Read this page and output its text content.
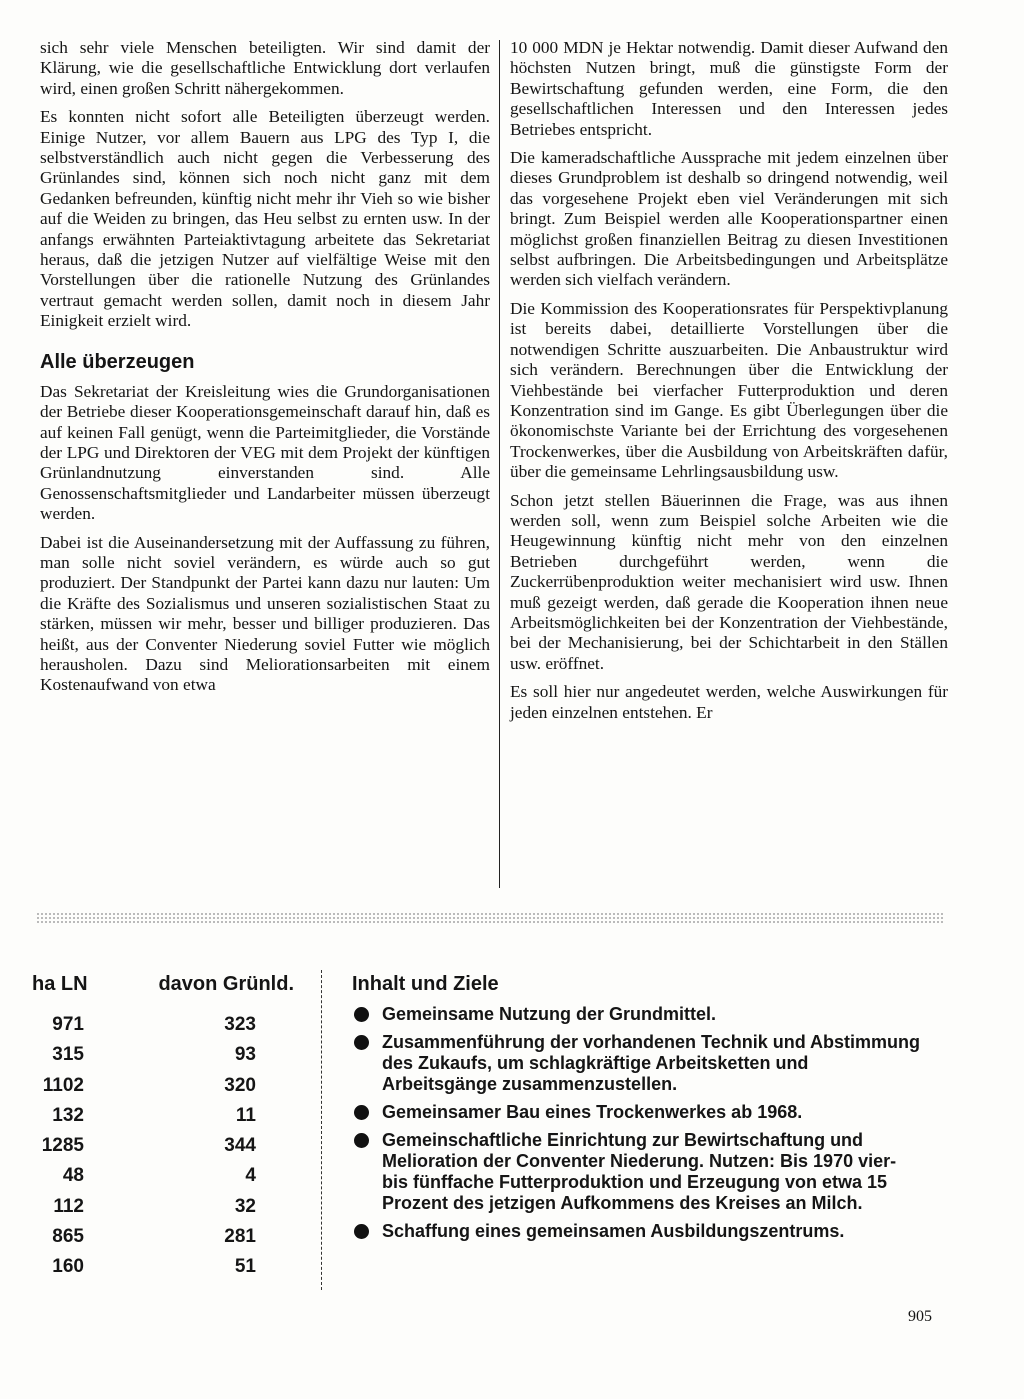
sich sehr viele Menschen beteiligten. Wir sind damit der Klärung, wie die gesellschaftliche Entwicklung dort verlaufen wird, einen großen Schritt nähergekommen.

Es konnten nicht sofort alle Beteiligten überzeugt werden. Einige Nutzer, vor allem Bauern aus LPG des Typ I, die selbstverständlich auch nicht gegen die Verbesserung des Grünlandes sind, können sich noch nicht ganz mit dem Gedanken befreunden, künftig nicht mehr ihr Vieh so wie bisher auf die Weiden zu bringen, das Heu selbst zu ernten usw. In der anfangs erwähnten Parteiaktivtagung arbeitete das Sekretariat heraus, daß die jetzigen Nutzer auf vielfältige Weise mit den Vorstellungen über die rationelle Nutzung des Grünlandes vertraut gemacht werden sollen, damit noch in diesem Jahr Einigkeit erzielt wird.

Alle überzeugen

Das Sekretariat der Kreisleitung wies die Grundorganisationen der Betriebe dieser Kooperationsgemeinschaft darauf hin, daß es auf keinen Fall genügt, wenn die Parteimitglieder, die Vorstände der LPG und Direktoren der VEG mit dem Projekt der künftigen Grünlandnutzung einverstanden sind. Alle Genossenschaftsmitglieder und Landarbeiter müssen überzeugt werden.

Dabei ist die Auseinandersetzung mit der Auffassung zu führen, man solle nicht soviel verändern, es würde auch so gut produziert. Der Standpunkt der Partei kann dazu nur lauten: Um die Kräfte des Sozialismus und unseren sozialistischen Staat zu stärken, müssen wir mehr, besser und billiger produzieren. Das heißt, aus der Conventer Niederung soviel Futter wie möglich herausholen. Dazu sind Meliorationsarbeiten mit einem Kostenaufwand von etwa

10 000 MDN je Hektar notwendig. Damit dieser Aufwand den höchsten Nutzen bringt, muß die günstigste Form der Bewirtschaftung gefunden werden, eine Form, die den gesellschaftlichen Interessen und den Interessen jedes Betriebes entspricht.

Die kameradschaftliche Aussprache mit jedem einzelnen über dieses Grundproblem ist deshalb so dringend notwendig, weil das vorgesehene Projekt eben viel Veränderungen mit sich bringt. Zum Beispiel werden alle Kooperationspartner einen möglichst großen finanziellen Beitrag zu diesen Investitionen selbst aufbringen. Die Arbeitsbedingungen und Arbeitsplätze werden sich vielfach verändern.

Die Kommission des Kooperationsrates für Perspektivplanung ist bereits dabei, detaillierte Vorstellungen über die notwendigen Schritte auszuarbeiten. Die Anbaustruktur wird sich verändern. Berechnungen über die Entwicklung der Viehbestände bei vierfacher Futterproduktion und deren Konzentration sind im Gange. Es gibt Überlegungen über die ökonomischste Variante bei der Errichtung des vorgesehenen Trockenwerkes, über die Ausbildung von Arbeitskräften dafür, über die gemeinsame Lehrlingsausbildung usw.

Schon jetzt stellen Bäuerinnen die Frage, was aus ihnen werden soll, wenn zum Beispiel solche Arbeiten wie die Heugewinnung künftig nicht mehr von den einzelnen Betrieben durchgeführt werden, wenn die Zuckerrübenproduktion weiter mechanisiert wird usw. Ihnen muß gezeigt werden, daß gerade die Kooperation ihnen neue Arbeitsmöglichkeiten bei der Konzentration der Viehbestände, bei der Mechanisierung, bei der Schichtarbeit in den Ställen usw. eröffnet.

Es soll hier nur angedeutet werden, welche Auswirkungen für jeden einzelnen entstehen. Er

ha LN	davon Grünld.
971	323
315	93
1102	320
132	11
1285	344
48	4
112	32
865	281
160	51
Inhalt und Ziele
Gemeinsame Nutzung der Grundmittel.
Zusammenführung der vorhandenen Technik und Abstimmung des Zukaufs, um schlagkräftige Arbeitsketten und Arbeitsgänge zusammenzustellen.
Gemeinsamer Bau eines Trockenwerkes ab 1968.
Gemeinschaftliche Einrichtung zur Bewirtschaftung und Melioration der Conventer Niederung. Nutzen: Bis 1970 vier- bis fünffache Futterproduktion und Erzeugung von etwa 15 Prozent des jetzigen Aufkommens des Kreises an Milch.
Schaffung eines gemeinsamen Ausbildungszentrums.
905
